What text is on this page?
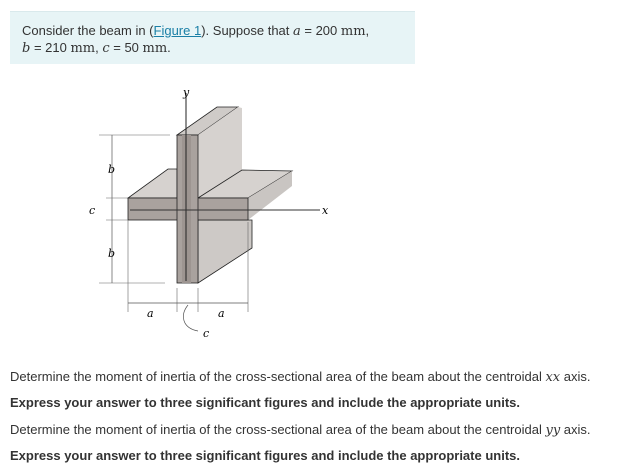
Consider the beam in (Figure 1). Suppose that a = 200 mm,
b = 210 mm, c = 50 mm.
y
x
b
c
b
a	a
c
Determine the moment of inertia of the cross-sectional area of the beam about the centroidal xx axis.
Express your answer to three significant figures and include the appropriate units.
Determine the moment of inertia of the cross-sectional area of the beam about the centroidal yy axis.
Express your answer to three significant figures and include the appropriate units.
